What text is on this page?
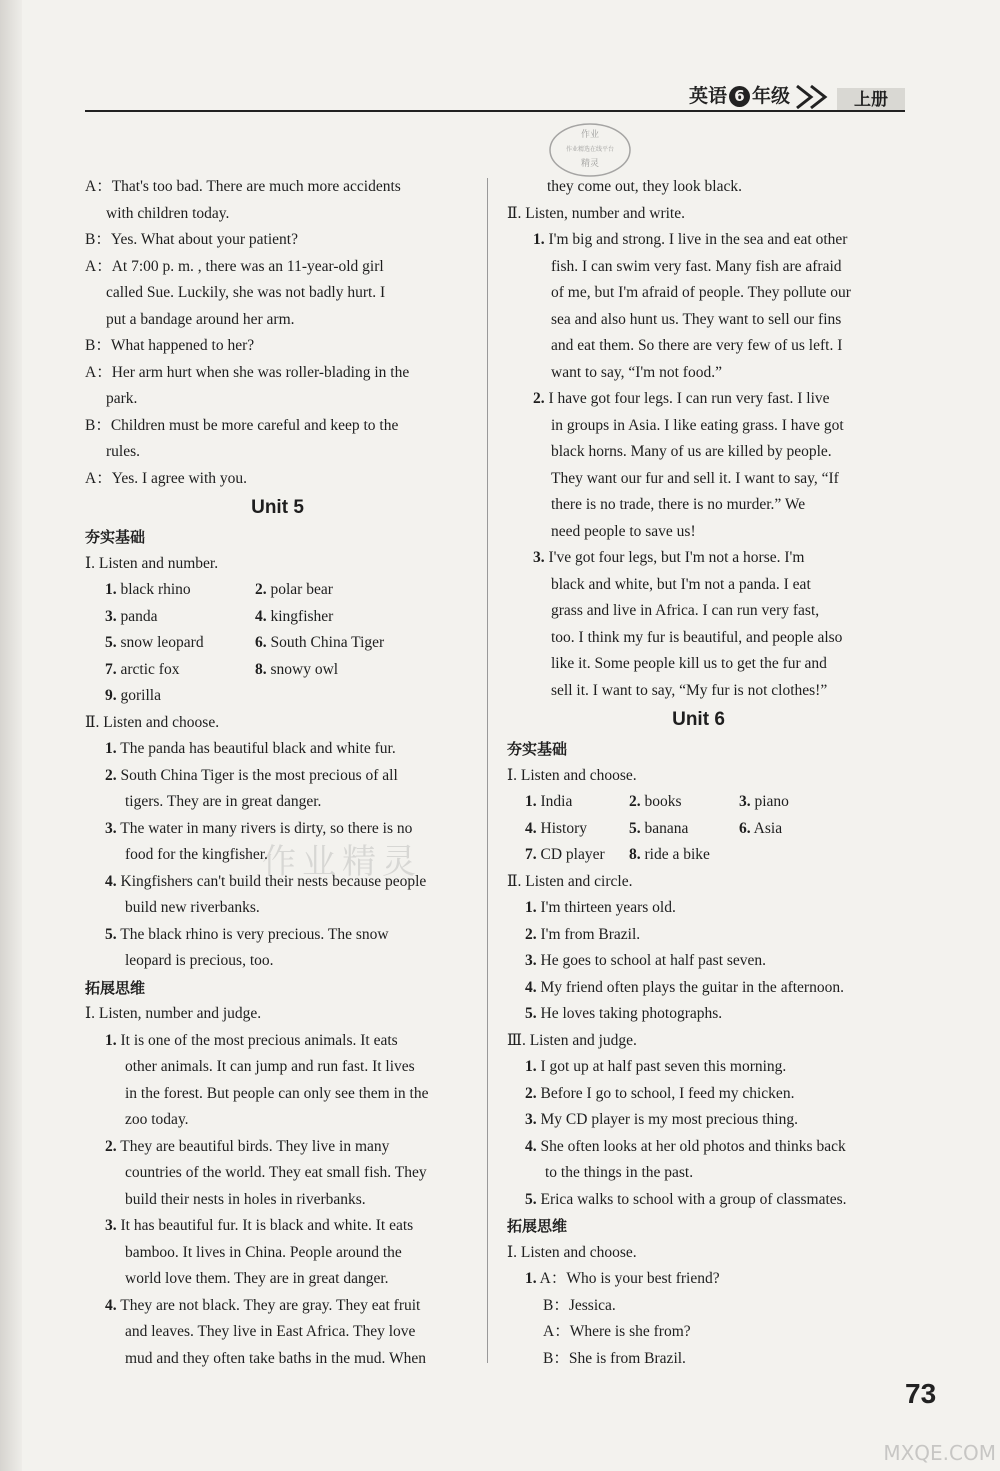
英语 6 年级	上册
作业
作业精选在线平台
精灵
作业精灵
A：That's too bad. There are much more accidents
with children today.
B：Yes. What about your patient?
A：At 7:00 p. m. , there was an 11-year-old girl
called Sue. Luckily, she was not badly hurt. I
put a bandage around her arm.
B：What happened to her?
A：Her arm hurt when she was roller-blading in the
park.
B：Children must be more careful and keep to the
rules.
A：Yes. I agree with you.
Unit 5
夯实基础
Ⅰ. Listen and number.
1. black rhino	2. polar bear
3. panda	4. kingfisher
5. snow leopard	6. South China Tiger
7. arctic fox	8. snowy owl
9. gorilla
Ⅱ. Listen and choose.
1. The panda has beautiful black and white fur.
2. South China Tiger is the most precious of all
tigers. They are in great danger.
3. The water in many rivers is dirty, so there is no
food for the kingfisher.
4. Kingfishers can't build their nests because people
build new riverbanks.
5. The black rhino is very precious. The snow
leopard is precious, too.
拓展思维
Ⅰ. Listen, number and judge.
1. It is one of the most precious animals. It eats
other animals. It can jump and run fast. It lives
in the forest. But people can only see them in the
zoo today.
2. They are beautiful birds. They live in many
countries of the world. They eat small fish. They
build their nests in holes in riverbanks.
3. It has beautiful fur. It is black and white. It eats
bamboo. It lives in China. People around the
world love them. They are in great danger.
4. They are not black. They are gray. They eat fruit
and leaves. They live in East Africa. They love
mud and they often take baths in the mud. When
they come out, they look black.
Ⅱ. Listen, number and write.
1. I'm big and strong. I live in the sea and eat other
fish. I can swim very fast. Many fish are afraid
of me, but I'm afraid of people. They pollute our
sea and also hunt us. They want to sell our fins
and eat them. So there are very few of us left. I
want to say, “I'm not food.”
2. I have got four legs. I can run very fast. I live
in groups in Asia. I like eating grass. I have got
black horns. Many of us are killed by people.
They want our fur and sell it. I want to say, “If
there is no trade, there is no murder.” We
need people to save us!
3. I've got four legs, but I'm not a horse. I'm
black and white, but I'm not a panda. I eat
grass and live in Africa. I can run very fast,
too. I think my fur is beautiful, and people also
like it. Some people kill us to get the fur and
sell it. I want to say, “My fur is not clothes!”
Unit 6
夯实基础
Ⅰ. Listen and choose.
1. India	2. books	3. piano
4. History	5. banana	6. Asia
7. CD player	8. ride a bike
Ⅱ. Listen and circle.
1. I'm thirteen years old.
2. I'm from Brazil.
3. He goes to school at half past seven.
4. My friend often plays the guitar in the afternoon.
5. He loves taking photographs.
Ⅲ. Listen and judge.
1. I got up at half past seven this morning.
2. Before I go to school, I feed my chicken.
3. My CD player is my most precious thing.
4. She often looks at her old photos and thinks back
to the things in the past.
5. Erica walks to school with a group of classmates.
拓展思维
Ⅰ. Listen and choose.
1. A：Who is your best friend?
B：Jessica.
A：Where is she from?
B：She is from Brazil.
73
MXQE.COM
